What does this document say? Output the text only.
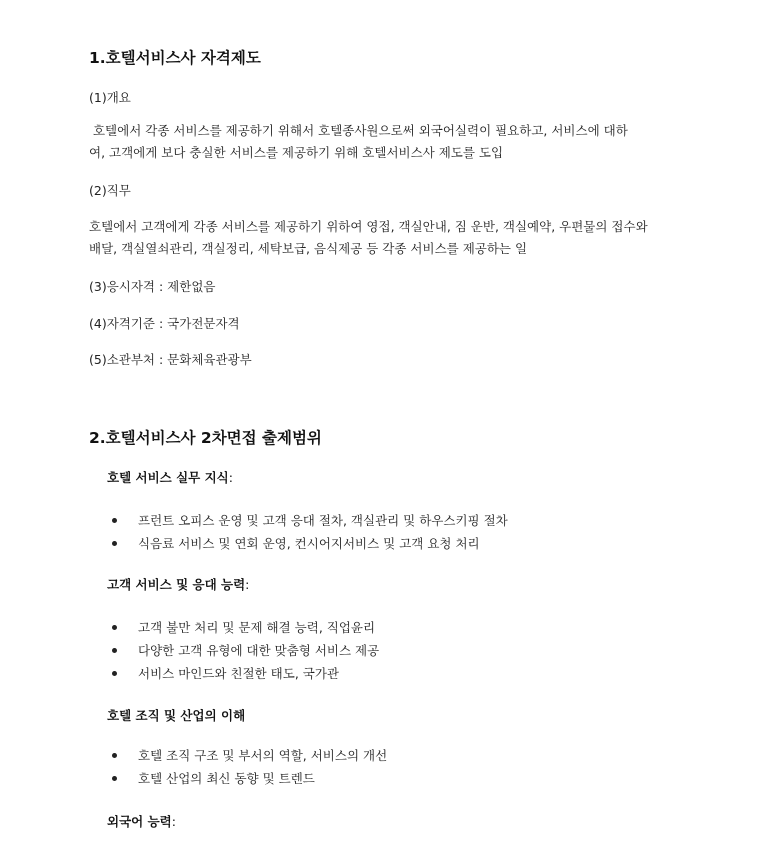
1.호텔서비스사 자격제도

(1)개요

호텔에서 각종 서비스를 제공하기 위해서 호텔종사원으로써 외국어실력이 필요하고, 서비스에 대하

여, 고객에게 보다 충실한 서비스를 제공하기 위해 호텔서비스사 제도를 도입

(2)직무

호텔에서 고객에게 각종 서비스를 제공하기 위하여 영접, 객실안내, 짐 운반, 객실예약, 우편물의 접수와

배달, 객실열쇠관리, 객실정리, 세탁보급, 음식제공 등 각종 서비스를 제공하는 일

(3)응시자격 : 제한없음

(4)자격기준 : 국가전문자격

(5)소관부처 : 문화체육관광부

2.호텔서비스사 2차면접 출제범위

호텔 서비스 실무 지식:

프런트 오피스 운영 및 고객 응대 절차, 객실관리 및 하우스키핑 절차
식음료 서비스 및 연회 운영, 컨시어지서비스 및 고객 요청 처리

고객 서비스 및 응대 능력:

고객 불만 처리 및 문제 해결 능력, 직업윤리
다양한 고객 유형에 대한 맞춤형 서비스 제공
서비스 마인드와 친절한 태도, 국가관

호텔 조직 및 산업의 이해

호텔 조직 구조 및 부서의 역할, 서비스의 개선
호텔 산업의 최신 동향 및 트렌드

외국어 능력:
